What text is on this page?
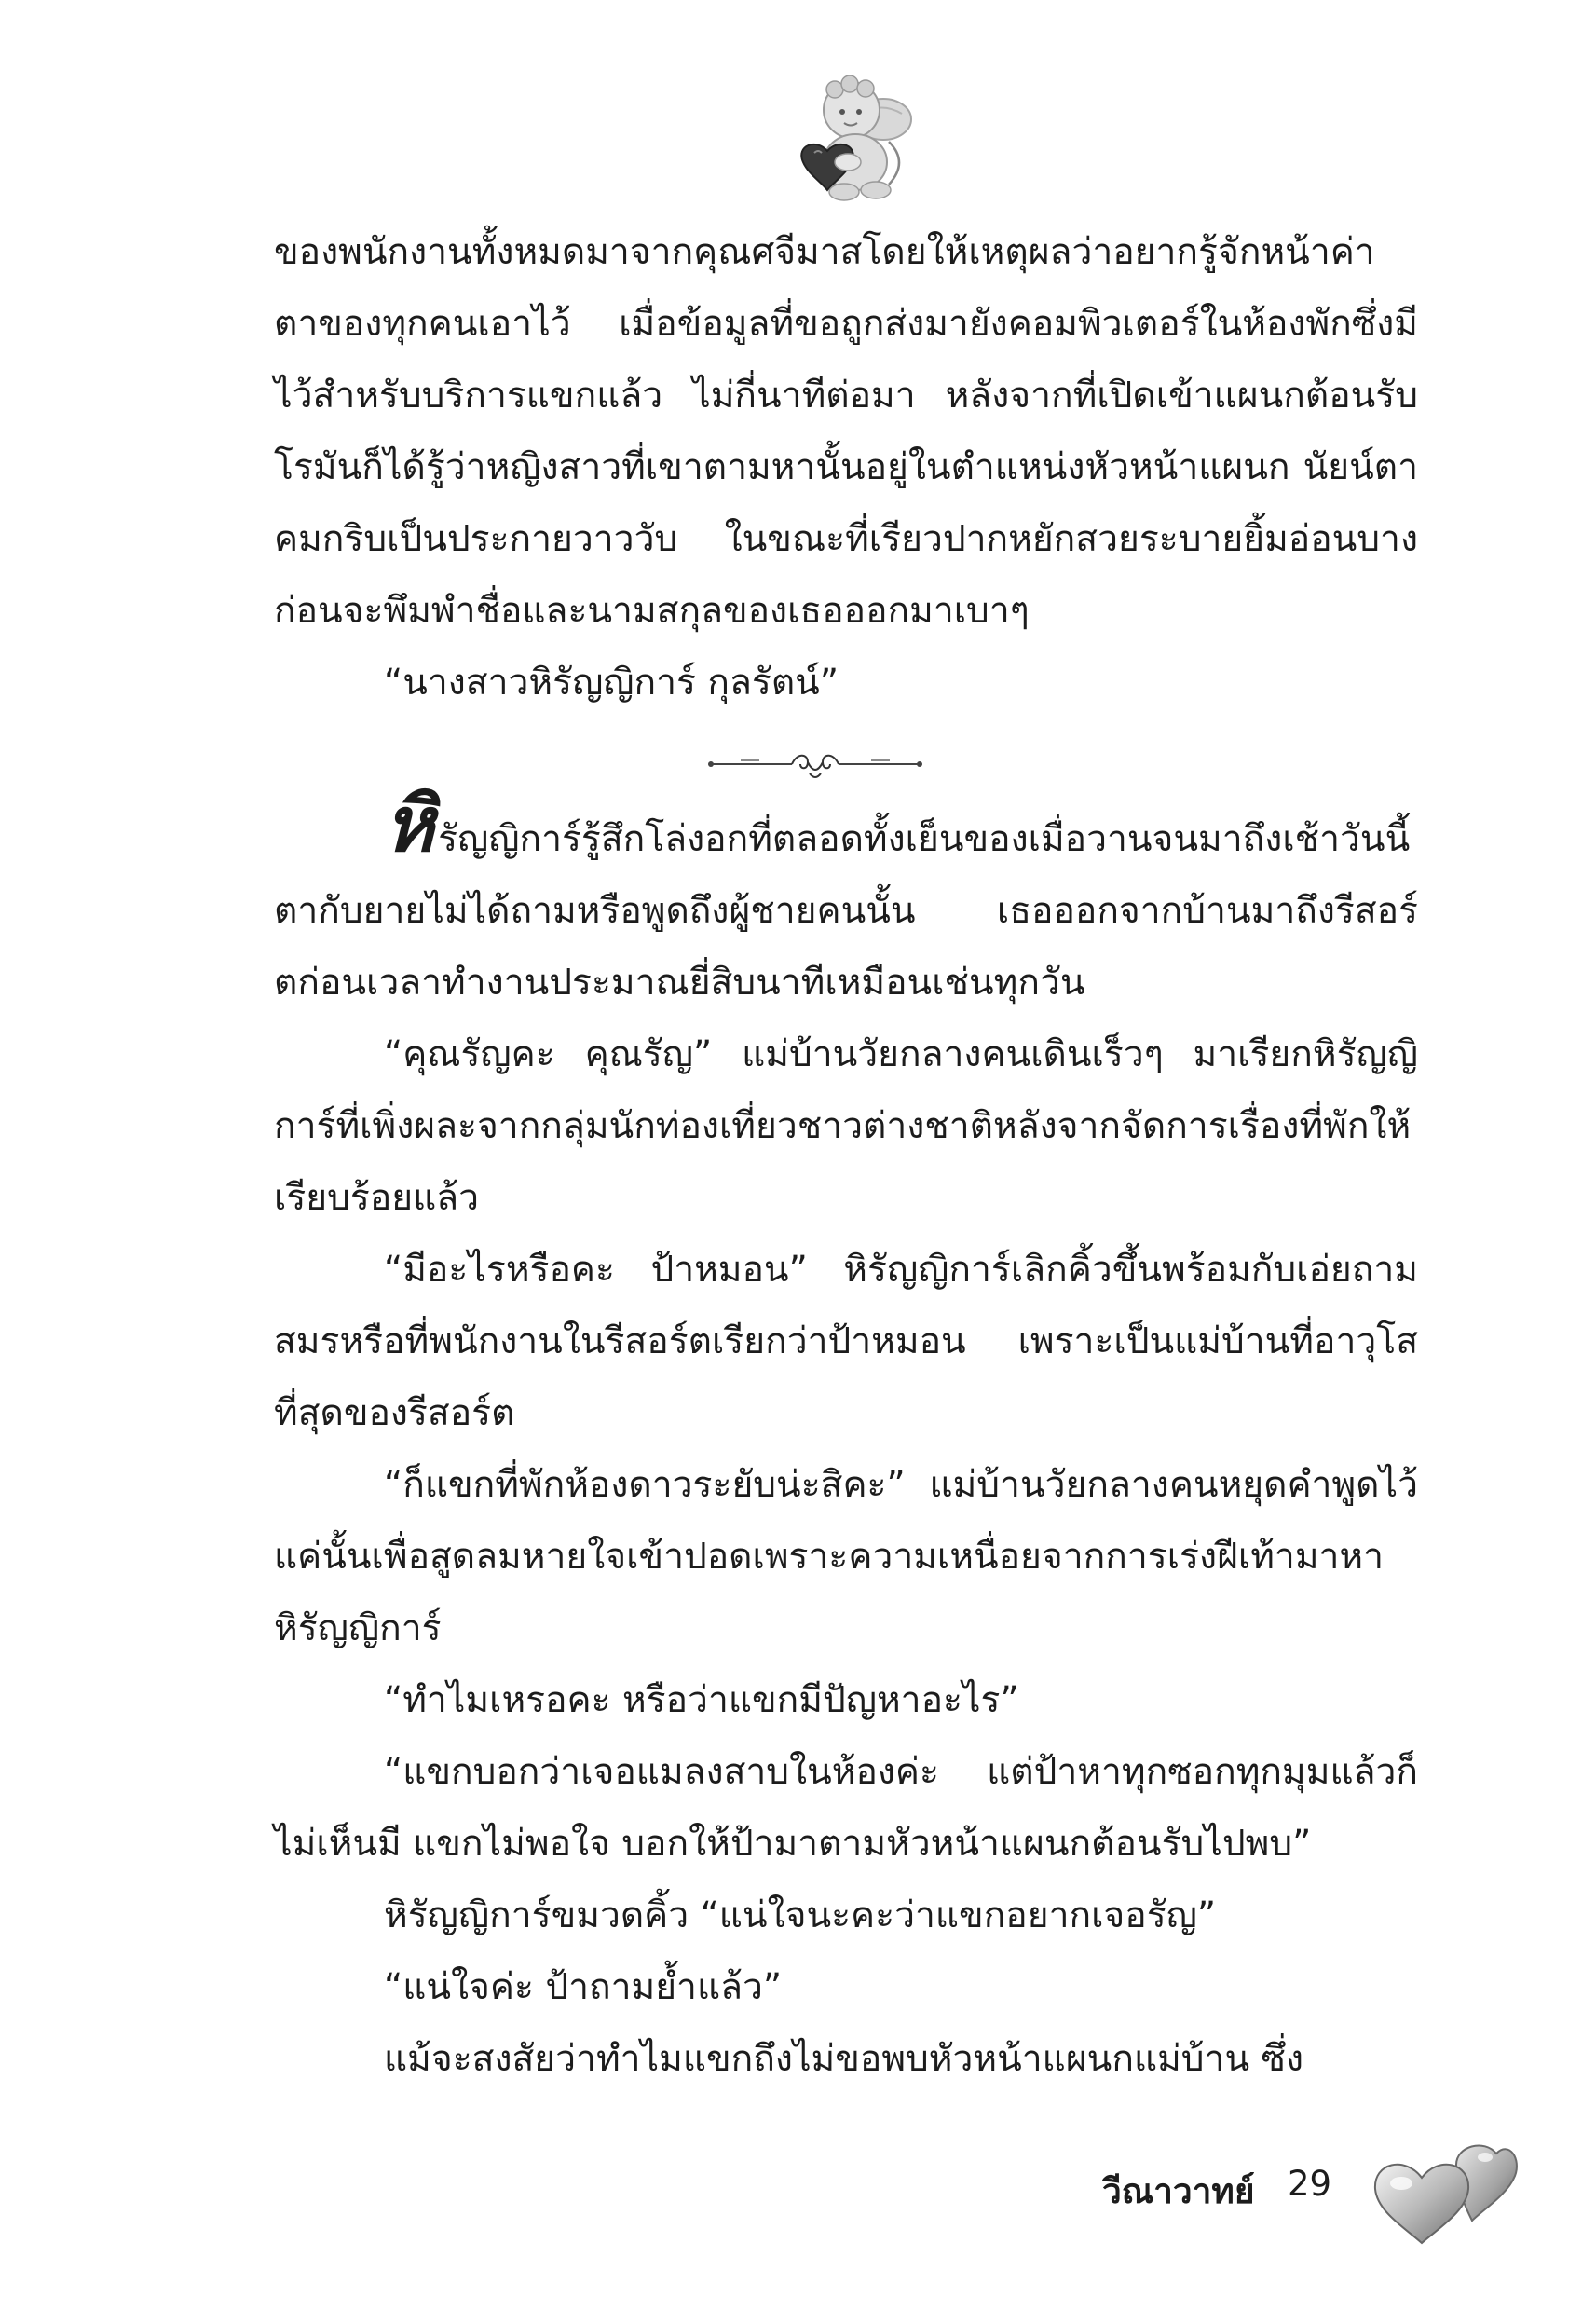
ของพนักงานทั้งหมดมาจากคุณศจีมาสโดยให้เหตุผลว่าอยากรู้จักหน้าค่าตาของทุกคนเอาไว้ เมื่อข้อมูลที่ขอถูกส่งมายังคอมพิวเตอร์ในห้องพักซึ่งมีไว้สำหรับบริการแขกแล้ว ไม่กี่นาทีต่อมา หลังจากที่เปิดเข้าแผนกต้อนรับ โรมันก็ได้รู้ว่าหญิงสาวที่เขาตามหานั้นอยู่ในตำแหน่งหัวหน้าแผนก นัยน์ตาคมกริบเป็นประกายวาววับ ในขณะที่เรียวปากหยักสวยระบายยิ้มอ่อนบาง ก่อนจะพึมพำชื่อและนามสกุลของเธอออกมาเบาๆ

“นางสาวหิรัญญิการ์ กุลรัตน์”

หิรัญญิการ์รู้สึกโล่งอกที่ตลอดทั้งเย็นของเมื่อวานจนมาถึงเช้าวันนี้ ตากับยายไม่ได้ถามหรือพูดถึงผู้ชายคนนั้น เธอออกจากบ้านมาถึงรีสอร์ตก่อนเวลาทำงานประมาณยี่สิบนาทีเหมือนเช่นทุกวัน

“คุณรัญคะ คุณรัญ” แม่บ้านวัยกลางคนเดินเร็วๆ มาเรียกหิรัญญิการ์ที่เพิ่งผละจากกลุ่มนักท่องเที่ยวชาวต่างชาติหลังจากจัดการเรื่องที่พักให้เรียบร้อยแล้ว

“มีอะไรหรือคะ ป้าหมอน” หิรัญญิการ์เลิกคิ้วขึ้นพร้อมกับเอ่ยถามสมรหรือที่พนักงานในรีสอร์ตเรียกว่าป้าหมอน เพราะเป็นแม่บ้านที่อาวุโสที่สุดของรีสอร์ต

“ก็แขกที่พักห้องดาวระยับน่ะสิคะ” แม่บ้านวัยกลางคนหยุดคำพูดไว้แค่นั้นเพื่อสูดลมหายใจเข้าปอดเพราะความเหนื่อยจากการเร่งฝีเท้ามาหาหิรัญญิการ์

“ทำไมเหรอคะ หรือว่าแขกมีปัญหาอะไร”

“แขกบอกว่าเจอแมลงสาบในห้องค่ะ แต่ป้าหาทุกซอกทุกมุมแล้วก็ไม่เห็นมี แขกไม่พอใจ บอกให้ป้ามาตามหัวหน้าแผนกต้อนรับไปพบ”

หิรัญญิการ์ขมวดคิ้ว “แน่ใจนะคะว่าแขกอยากเจอรัญ”

“แน่ใจค่ะ ป้าถามย้ำแล้ว”

แม้จะสงสัยว่าทำไมแขกถึงไม่ขอพบหัวหน้าแผนกแม่บ้าน ซึ่ง

วีณาวาทย์ 29
